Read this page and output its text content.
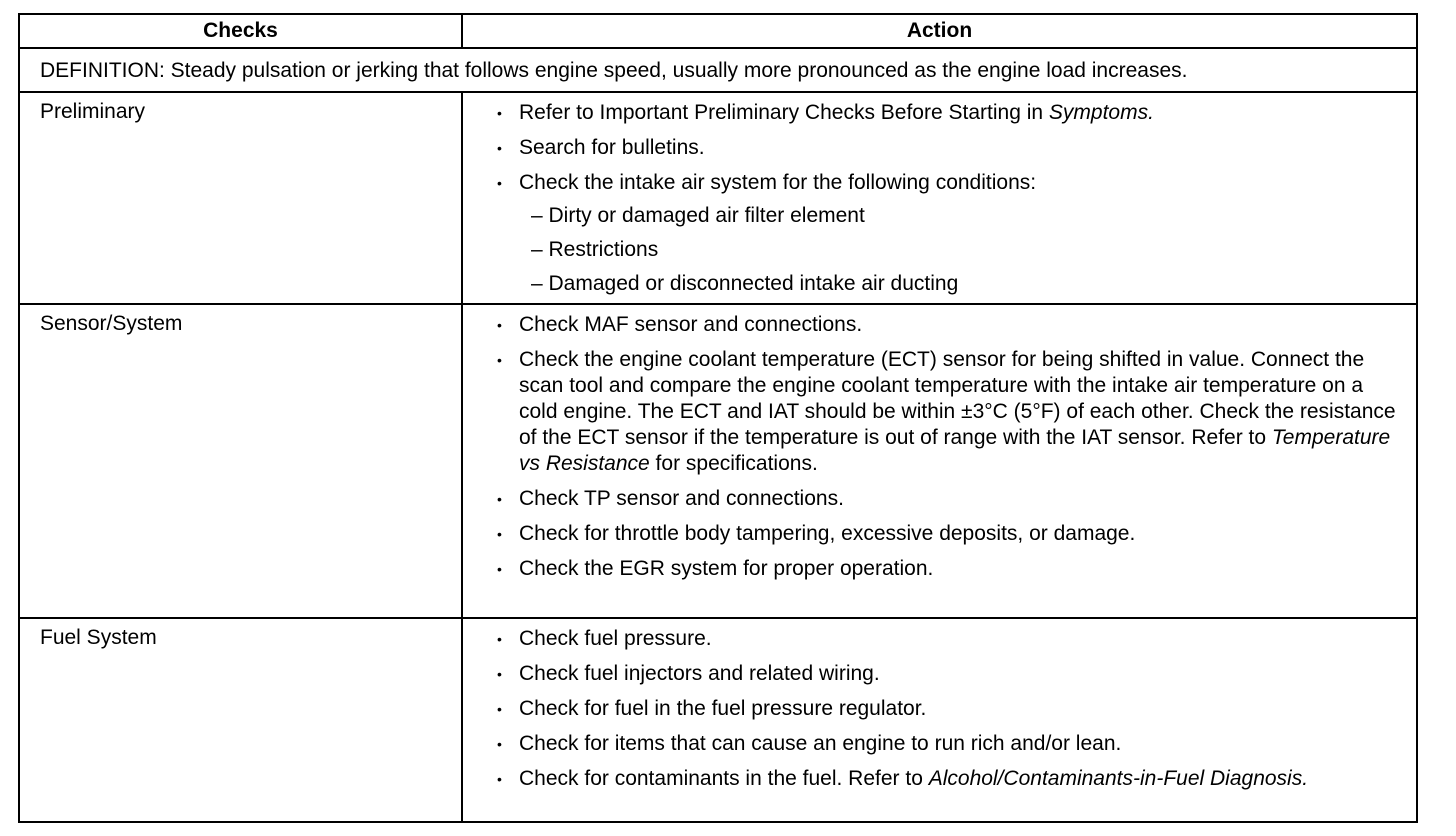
Checks	Action
DEFINITION: Steady pulsation or jerking that follows engine speed, usually more pronounced as the engine load increases.
Preliminary	• Refer to Important Preliminary Checks Before Starting in Symptoms.
• Search for bulletins.
• Check the intake air system for the following conditions:
– Dirty or damaged air filter element
– Restrictions
– Damaged or disconnected intake air ducting
Sensor/System	• Check MAF sensor and connections.
• Check the engine coolant temperature (ECT) sensor for being shifted in value. Connect the scan tool and compare the engine coolant temperature with the intake air temperature on a cold engine. The ECT and IAT should be within ±3°C (5°F) of each other. Check the resistance of the ECT sensor if the temperature is out of range with the IAT sensor. Refer to Temperature vs Resistance for specifications.
• Check TP sensor and connections.
• Check for throttle body tampering, excessive deposits, or damage.
• Check the EGR system for proper operation.
Fuel System	• Check fuel pressure.
• Check fuel injectors and related wiring.
• Check for fuel in the fuel pressure regulator.
• Check for items that can cause an engine to run rich and/or lean.
• Check for contaminants in the fuel. Refer to Alcohol/Contaminants-in-Fuel Diagnosis.
